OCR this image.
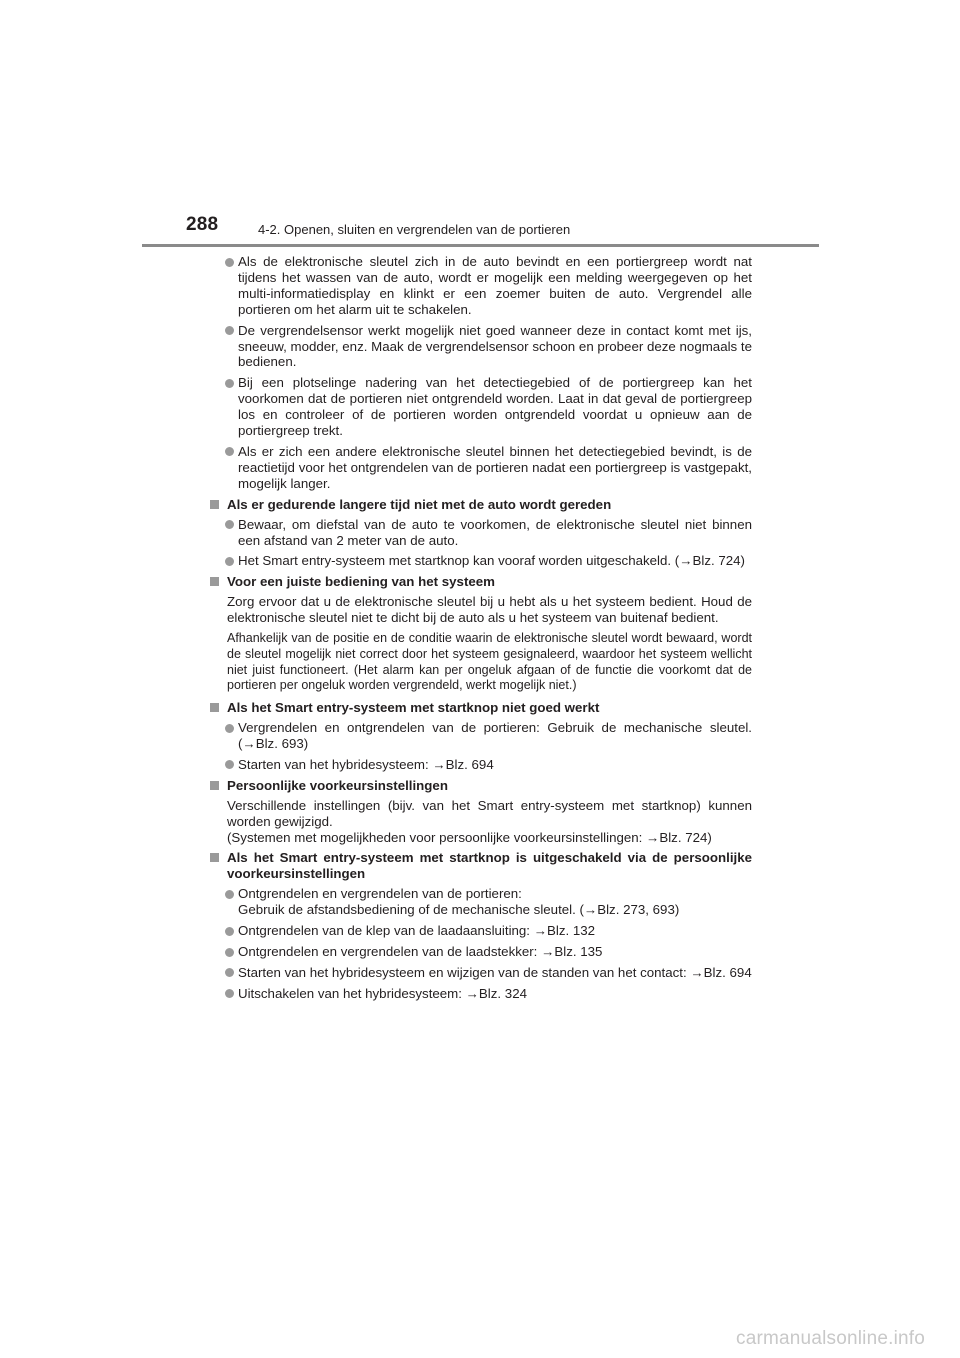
288	4-2. Openen, sluiten en vergrendelen van de portieren
Als de elektronische sleutel zich in de auto bevindt en een portiergreep wordt nat tijdens het wassen van de auto, wordt er mogelijk een melding weergegeven op het multi-informatiedisplay en klinkt er een zoemer buiten de auto. Vergrendel alle portieren om het alarm uit te schakelen.
De vergrendelsensor werkt mogelijk niet goed wanneer deze in contact komt met ijs, sneeuw, modder, enz. Maak de vergrendelsensor schoon en probeer deze nogmaals te bedienen.
Bij een plotselinge nadering van het detectiegebied of de portiergreep kan het voorkomen dat de portieren niet ontgrendeld worden. Laat in dat geval de portiergreep los en controleer of de portieren worden ontgrendeld voordat u opnieuw aan de portiergreep trekt.
Als er zich een andere elektronische sleutel binnen het detectiegebied bevindt, is de reactietijd voor het ontgrendelen van de portieren nadat een portiergreep is vastgepakt, mogelijk langer.
Als er gedurende langere tijd niet met de auto wordt gereden
Bewaar, om diefstal van de auto te voorkomen, de elektronische sleutel niet binnen een afstand van 2 meter van de auto.
Het Smart entry-systeem met startknop kan vooraf worden uitgeschakeld. (→Blz. 724)
Voor een juiste bediening van het systeem
Zorg ervoor dat u de elektronische sleutel bij u hebt als u het systeem bedient. Houd de elektronische sleutel niet te dicht bij de auto als u het systeem van buitenaf bedient.
Afhankelijk van de positie en de conditie waarin de elektronische sleutel wordt bewaard, wordt de sleutel mogelijk niet correct door het systeem gesignaleerd, waardoor het systeem wellicht niet juist functioneert. (Het alarm kan per ongeluk afgaan of de functie die voorkomt dat de portieren per ongeluk worden vergrendeld, werkt mogelijk niet.)
Als het Smart entry-systeem met startknop niet goed werkt
Vergrendelen en ontgrendelen van de portieren: Gebruik de mechanische sleutel. (→Blz. 693)
Starten van het hybridesysteem: →Blz. 694
Persoonlijke voorkeursinstellingen
Verschillende instellingen (bijv. van het Smart entry-systeem met startknop) kunnen worden gewijzigd.
(Systemen met mogelijkheden voor persoonlijke voorkeursinstellingen: →Blz. 724)
Als het Smart entry-systeem met startknop is uitgeschakeld via de persoonlijke voorkeursinstellingen
Ontgrendelen en vergrendelen van de portieren:
Gebruik de afstandsbediening of de mechanische sleutel. (→Blz. 273, 693)
Ontgrendelen van de klep van de laadaansluiting: →Blz. 132
Ontgrendelen en vergrendelen van de laadstekker: →Blz. 135
Starten van het hybridesysteem en wijzigen van de standen van het contact: →Blz. 694
Uitschakelen van het hybridesysteem: →Blz. 324
carmanualsonline.info
